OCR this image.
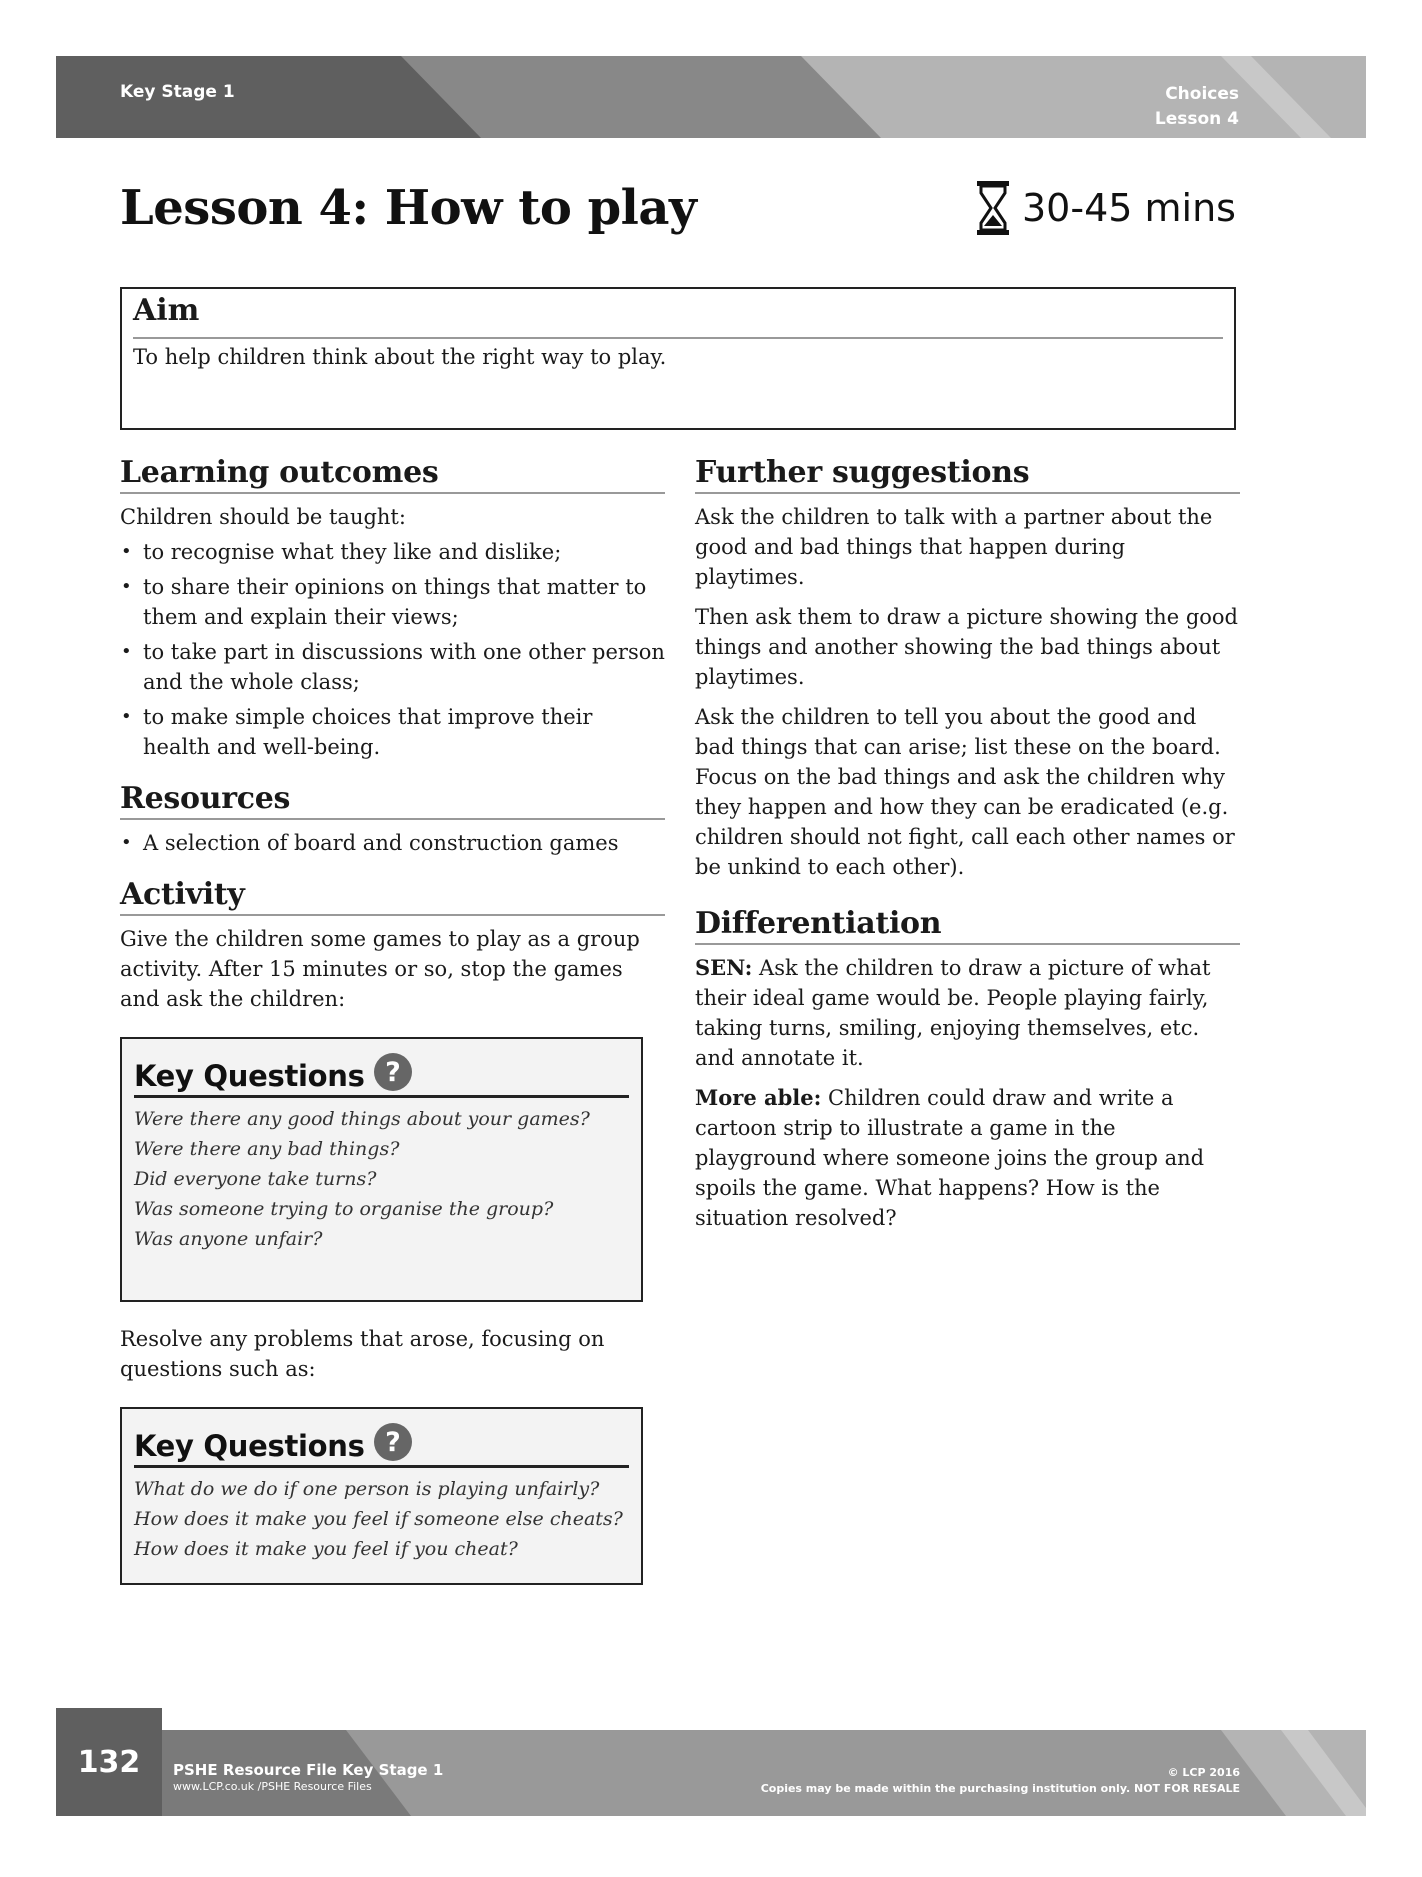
Key Stage 1	Choices
Lesson 4
Lesson 4: How to play	30-45 mins
Aim
To help children think about the right way to play.
Learning outcomes

Children should be taught:

• to recognise what they like and dislike;
• to share their opinions on things that matter to them and explain their views;
• to take part in discussions with one other person and the whole class;
• to make simple choices that improve their health and well-being.
Resources
• A selection of board and construction games
Activity

Give the children some games to play as a group activity. After 15 minutes or so, stop the games and ask the children:

Key Questions ?
Were there any good things about your games?
Were there any bad things?
Did everyone take turns?
Was someone trying to organise the group?
Was anyone unfair?

Resolve any problems that arose, focusing on questions such as:

Key Questions ?
What do we do if one person is playing unfairly?
How does it make you feel if someone else cheats?
How does it make you feel if you cheat?
Further suggestions

Ask the children to talk with a partner about the good and bad things that happen during playtimes.

Then ask them to draw a picture showing the good things and another showing the bad things about playtimes.

Ask the children to tell you about the good and bad things that can arise; list these on the board. Focus on the bad things and ask the children why they happen and how they can be eradicated (e.g. children should not fight, call each other names or be unkind to each other).

Differentiation

SEN: Ask the children to draw a picture of what their ideal game would be. People playing fairly, taking turns, smiling, enjoying themselves, etc. and annotate it.

More able: Children could draw and write a cartoon strip to illustrate a game in the playground where someone joins the group and spoils the game. What happens? How is the situation resolved?

132	PSHE Resource File Key Stage 1
www.LCP.co.uk /PSHE Resource Files
© LCP 2016
Copies may be made within the purchasing institution only. NOT FOR RESALE
